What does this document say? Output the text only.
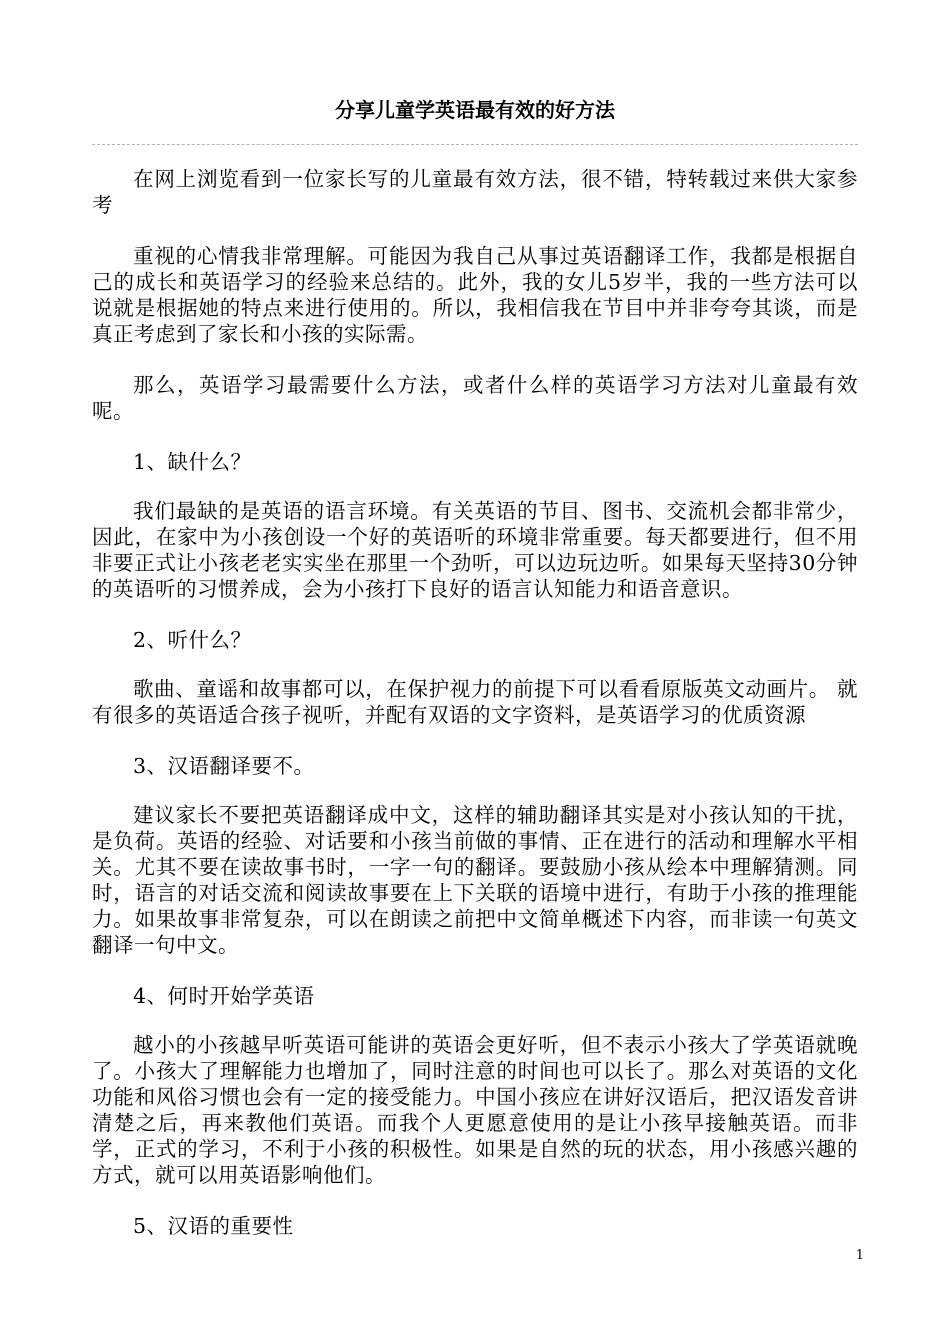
分享儿童学英语最有效的好方法

在网上浏览看到一位家长写的儿童最有效方法，很不错，特转载过来供大家参考

重视的心情我非常理解。可能因为我自己从事过英语翻译工作，我都是根据自己的成长和英语学习的经验来总结的。此外，我的女儿5岁半，我的一些方法可以说就是根据她的特点来进行使用的。所以，我相信我在节目中并非夸夸其谈，而是真正考虑到了家长和小孩的实际需。

那么，英语学习最需要什么方法，或者什么样的英语学习方法对儿童最有效呢。

1、缺什么？

我们最缺的是英语的语言环境。有关英语的节目、图书、交流机会都非常少，因此，在家中为小孩创设一个好的英语听的环境非常重要。每天都要进行，但不用非要正式让小孩老老实实坐在那里一个劲听，可以边玩边听。如果每天坚持30分钟的英语听的习惯养成，会为小孩打下良好的语言认知能力和语音意识。

2、听什么？

歌曲、童谣和故事都可以，在保护视力的前提下可以看看原版英文动画片。 就有很多的英语适合孩子视听，并配有双语的文字资料，是英语学习的优质资源

3、汉语翻译要不。

建议家长不要把英语翻译成中文，这样的辅助翻译其实是对小孩认知的干扰，是负荷。英语的经验、对话要和小孩当前做的事情、正在进行的活动和理解水平相关。尤其不要在读故事书时，一字一句的翻译。要鼓励小孩从绘本中理解猜测。同时，语言的对话交流和阅读故事要在上下关联的语境中进行，有助于小孩的推理能力。如果故事非常复杂，可以在朗读之前把中文简单概述下内容，而非读一句英文翻译一句中文。

4、何时开始学英语

越小的小孩越早听英语可能讲的英语会更好听，但不表示小孩大了学英语就晚了。小孩大了理解能力也增加了，同时注意的时间也可以长了。那么对英语的文化功能和风俗习惯也会有一定的接受能力。中国小孩应在讲好汉语后，把汉语发音讲清楚之后，再来教他们英语。而我个人更愿意使用的是让小孩早接触英语。而非学，正式的学习，不利于小孩的积极性。如果是自然的玩的状态，用小孩感兴趣的方式，就可以用英语影响他们。

5、汉语的重要性

1
